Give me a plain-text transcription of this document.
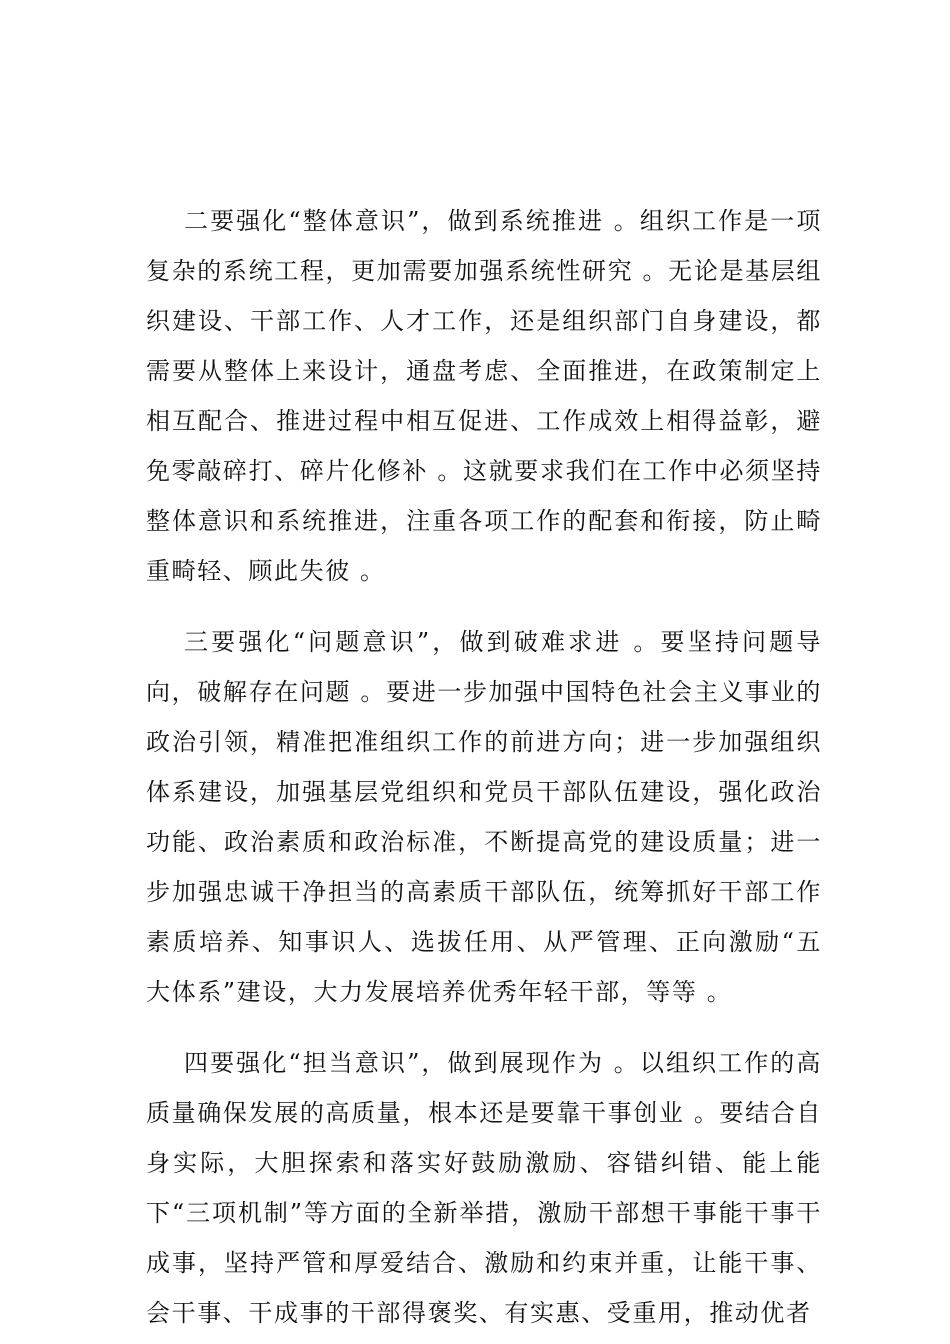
二要强化“整体意识”，做到系统推进 。组织工作是一项复杂的系统工程，更加需要加强系统性研究 。无论是基层组织建设、干部工作、人才工作，还是组织部门自身建设，都需要从整体上来设计，通盘考虑、全面推进，在政策制定上相互配合、推进过程中相互促进、工作成效上相得益彰，避免零敲碎打、碎片化修补 。这就要求我们在工作中必须坚持整体意识和系统推进，注重各项工作的配套和衔接，防止畸重畸轻、顾此失彼 。

三要强化“问题意识”，做到破难求进 。要坚持问题导向，破解存在问题 。要进一步加强中国特色社会主义事业的政治引领，精准把准组织工作的前进方向；进一步加强组织体系建设，加强基层党组织和党员干部队伍建设，强化政治功能、政治素质和政治标准，不断提高党的建设质量；进一步加强忠诚干净担当的高素质干部队伍，统筹抓好干部工作素质培养、知事识人、选拔任用、从严管理、正向激励“五大体系”建设，大力发展培养优秀年轻干部，等等 。

四要强化“担当意识”，做到展现作为 。以组织工作的高质量确保发展的高质量，根本还是要靠干事创业 。要结合自身实际，大胆探索和落实好鼓励激励、容错纠错、能上能下“三项机制”等方面的全新举措，激励干部想干事能干事干成事，坚持严管和厚爱结合、激励和约束并重，让能干事、会干事、干成事的干部得褒奖、有实惠、受重用，推动优者
